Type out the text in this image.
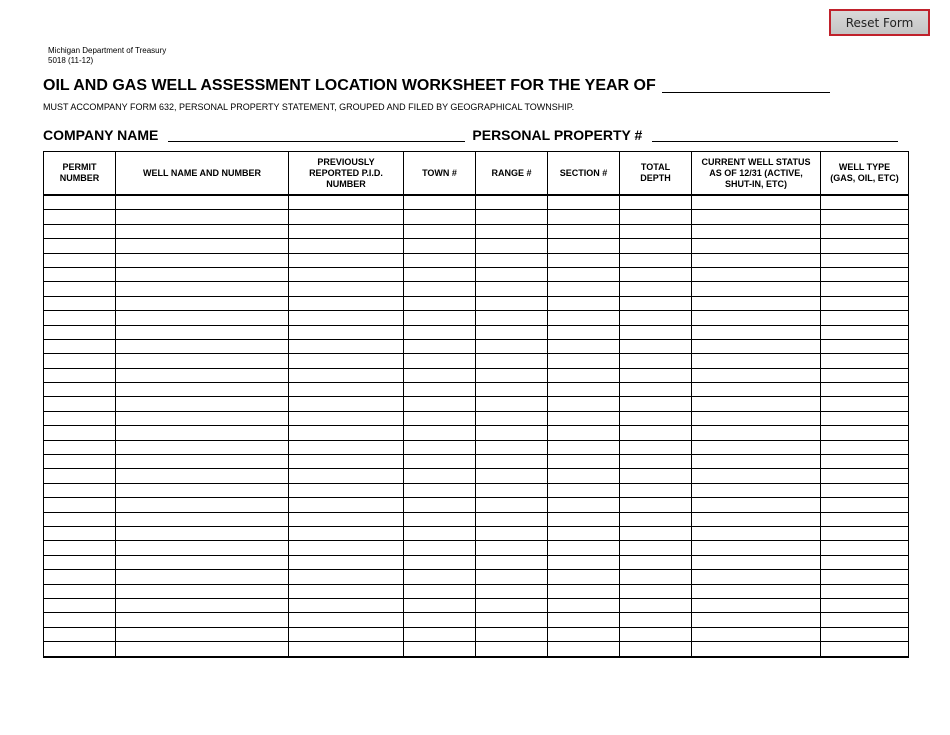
Reset Form
Michigan Department of Treasury
5018 (11-12)
OIL AND GAS WELL ASSESSMENT LOCATION WORKSHEET FOR THE YEAR OF
MUST ACCOMPANY FORM 632, PERSONAL PROPERTY STATEMENT, GROUPED AND FILED BY GEOGRAPHICAL TOWNSHIP.
COMPANY NAME	PERSONAL PROPERTY #
PERMIT
NUMBER	WELL NAME AND NUMBER	PREVIOUSLY
REPORTED P.I.D.
NUMBER	TOWN #	RANGE #	SECTION #	TOTAL
DEPTH	CURRENT WELL STATUS
AS OF 12/31 (ACTIVE,
SHUT-IN, ETC)	WELL TYPE
(GAS, OIL, ETC)
